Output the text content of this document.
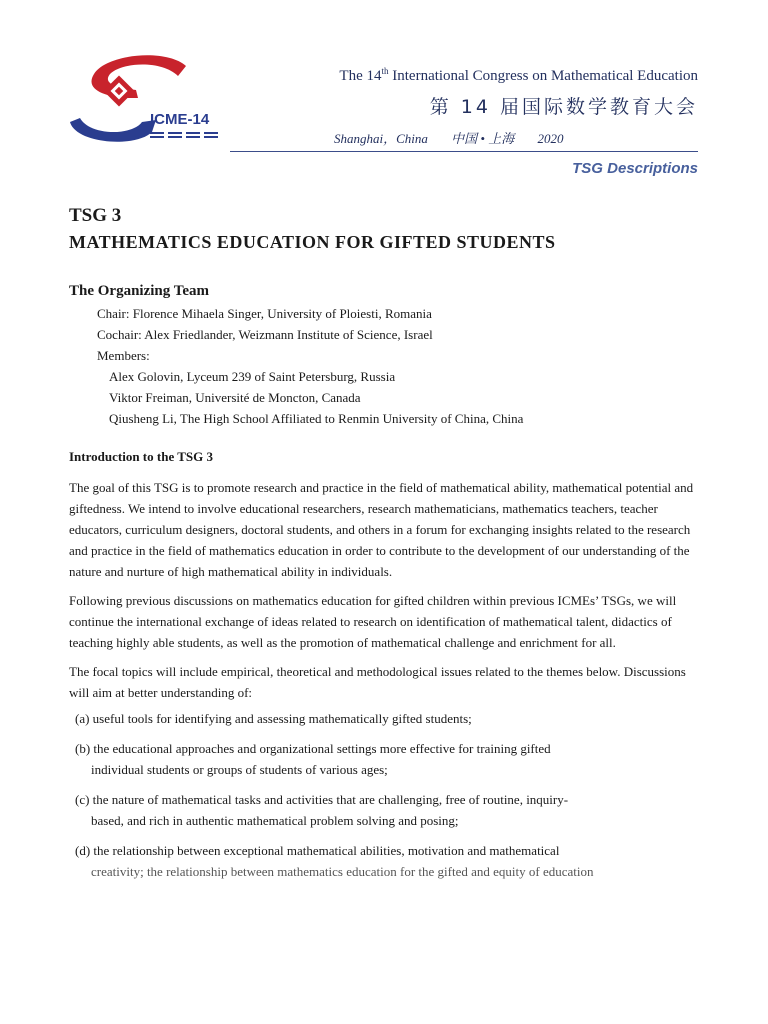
ICME-14
The 14th International Congress on Mathematical Education
第 14 届国际数学教育大会
Shanghai，China 中国 • 上海 2020
TSG Descriptions
TSG 3
MATHEMATICS EDUCATION FOR GIFTED STUDENTS
The Organizing Team
Chair: Florence Mihaela Singer, University of Ploiesti, Romania
Cochair: Alex Friedlander, Weizmann Institute of Science, Israel
Members:
Alex Golovin, Lyceum 239 of Saint Petersburg, Russia
Viktor Freiman, Université de Moncton, Canada
Qiusheng Li, The High School Affiliated to Renmin University of China, China
Introduction to the TSG 3

The goal of this TSG is to promote research and practice in the field of mathematical ability, mathematical potential and giftedness. We intend to involve educational researchers, research mathematicians, mathematics teachers, teacher educators, curriculum designers, doctoral students, and others in a forum for exchanging insights related to the research and practice in the field of mathematics education in order to contribute to the development of our understanding of the nature and nurture of high mathematical ability in individuals.

Following previous discussions on mathematics education for gifted children within previous ICMEs’ TSGs, we will continue the international exchange of ideas related to research on identification of mathematical talent, didactics of teaching highly able students, as well as the promotion of mathematical challenge and enrichment for all.

The focal topics will include empirical, theoretical and methodological issues related to the themes below. Discussions will aim at better understanding of:

(a) useful tools for identifying and assessing mathematically gifted students;
(b) the educational approaches and organizational settings more effective for training gifted
individual students or groups of students of various ages;
(c) the nature of mathematical tasks and activities that are challenging, free of routine, inquiry-
based, and rich in authentic mathematical problem solving and posing;
(d) the relationship between exceptional mathematical abilities, motivation and mathematical
creativity; the relationship between mathematics education for the gifted and equity of education
